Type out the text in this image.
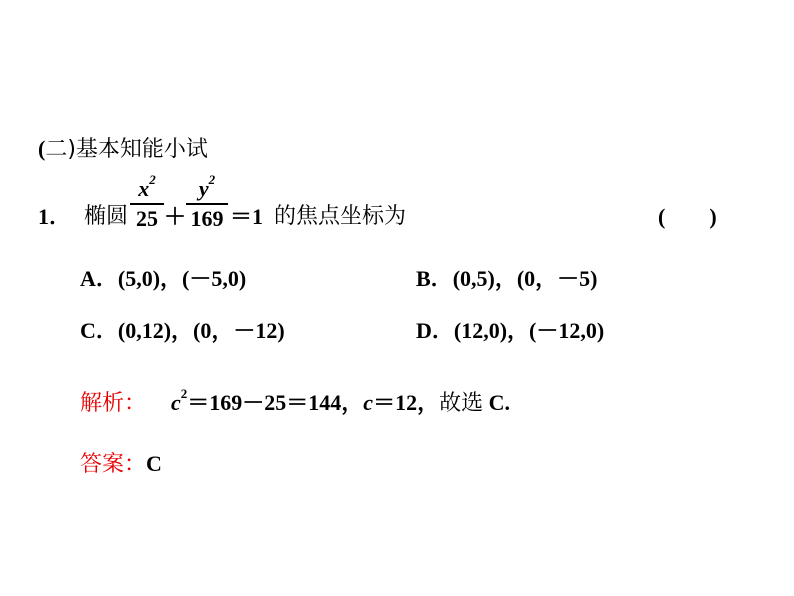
(二)基本知能小试
1． 椭圆
$x^2$
25 ＋
$y^2$
169 ＝1 的焦点坐标为	(　　)
A．(5,0)，(－5,0)	B．(0,5)，(0，－5)
C．(0,12)，(0，－12)	D．(12,0)，(－12,0)
解析： $c^2=169-25=144$，c＝12，故选 C.
答案：C
